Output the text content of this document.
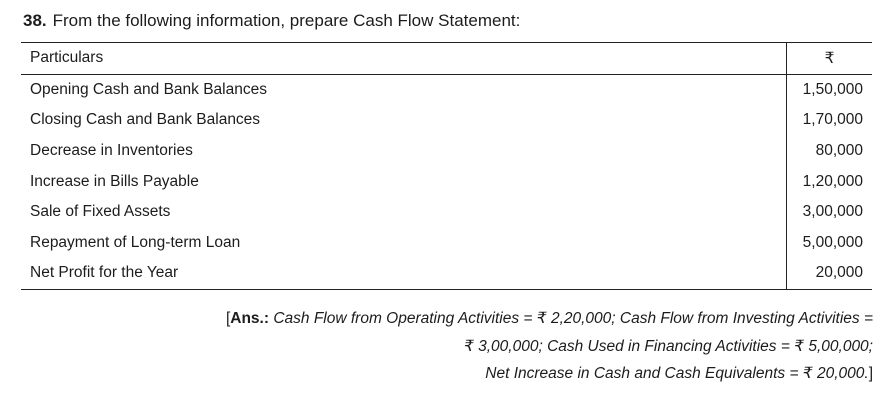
38. From the following information, prepare Cash Flow Statement:
Particulars	₹
Opening Cash and Bank Balances	1,50,000
Closing Cash and Bank Balances	1,70,000
Decrease in Inventories	80,000
Increase in Bills Payable	1,20,000
Sale of Fixed Assets	3,00,000
Repayment of Long-term Loan	5,00,000
Net Profit for the Year	20,000
[Ans.: Cash Flow from Operating Activities = ₹ 2,20,000; Cash Flow from Investing Activities =
₹ 3,00,000; Cash Used in Financing Activities = ₹ 5,00,000;
Net Increase in Cash and Cash Equivalents = ₹ 20,000.]
